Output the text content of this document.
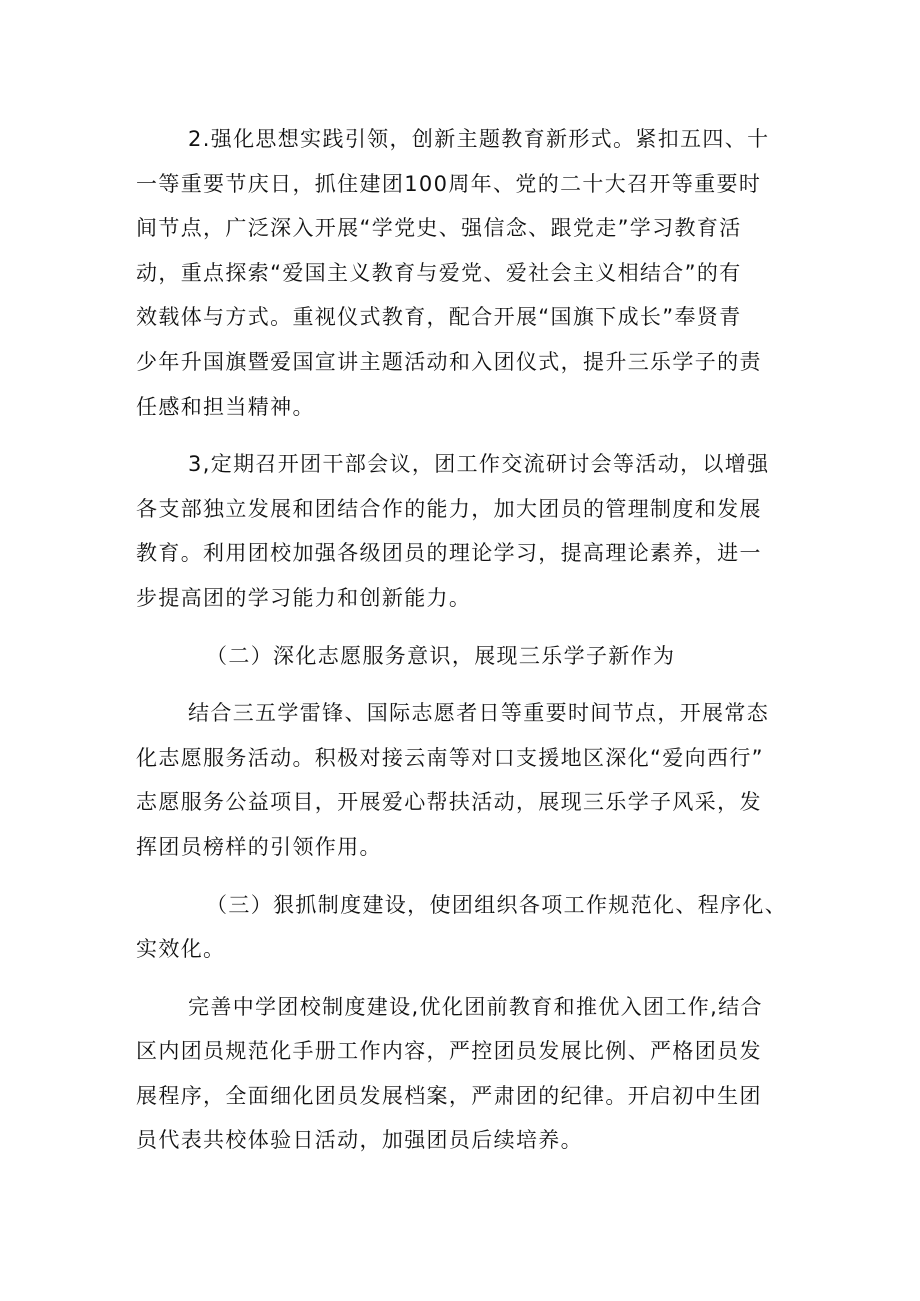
2.强化思想实践引领，创新主题教育新形式。紧扣五四、十
一等重要节庆日，抓住建团100周年、党的二十大召开等重要时
间节点，广泛深入开展“学党史、强信念、跟党走”学习教育活
动，重点探索“爱国主义教育与爱党、爱社会主义相结合”的有
效载体与方式。重视仪式教育，配合开展“国旗下成长”奉贤青
少年升国旗暨爱国宣讲主题活动和入团仪式，提升三乐学子的责
任感和担当精神。

3,定期召开团干部会议，团工作交流研讨会等活动，以增强
各支部独立发展和团结合作的能力，加大团员的管理制度和发展
教育。利用团校加强各级团员的理论学习，提高理论素养，进一
步提高团的学习能力和创新能力。

（二）深化志愿服务意识，展现三乐学子新作为

结合三五学雷锋、国际志愿者日等重要时间节点，开展常态
化志愿服务活动。积极对接云南等对口支援地区深化“爱向西行”
志愿服务公益项目，开展爱心帮扶活动，展现三乐学子风采，发
挥团员榜样的引领作用。

（三）狠抓制度建设，使团组织各项工作规范化、程序化、
实效化。

完善中学团校制度建设,优化团前教育和推优入团工作,结合
区内团员规范化手册工作内容，严控团员发展比例、严格团员发
展程序，全面细化团员发展档案，严肃团的纪律。开启初中生团
员代表共校体验日活动，加强团员后续培养。
